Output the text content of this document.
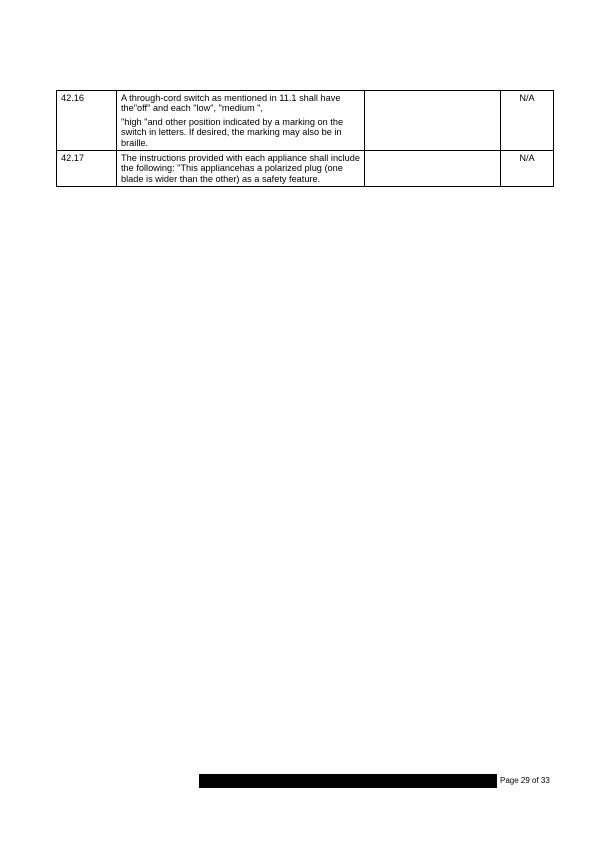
42.16	A through-cord switch as mentioned in 11.1 shall have the"off" and each "low", "medium ",

"high "and other position indicated by a marking on the switch in letters. If desired, the marking may also be in braille.		N/A
42.17	The instructions provided with each appliance shall include the following: "This appliancehas a polarized plug (one blade is wider than the other) as a safety feature.		N/A
Page 29 of 33
